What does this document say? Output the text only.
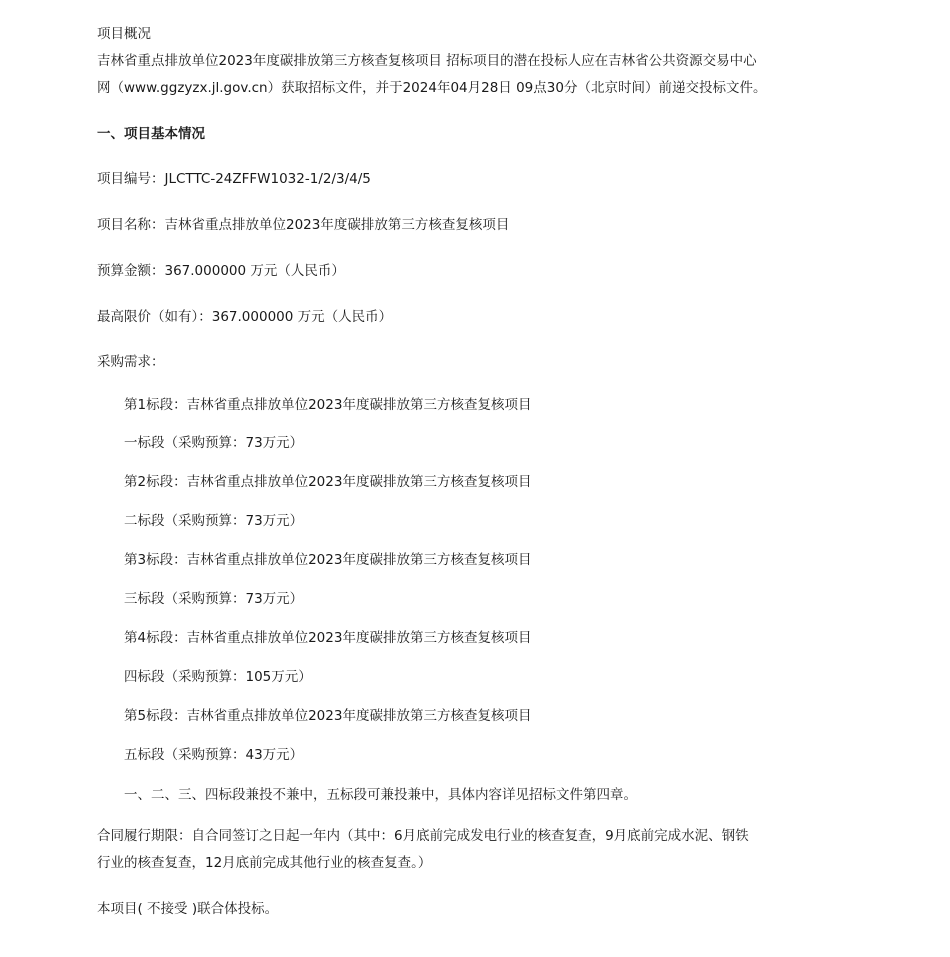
项目概况
吉林省重点排放单位2023年度碳排放第三方核查复核项目 招标项目的潜在投标人应在吉林省公共资源交易中心
网（www.ggzyzx.jl.gov.cn）获取招标文件，并于2024年04月28日 09点30分（北京时间）前递交投标文件。
一、项目基本情况
项目编号：JLCTTC-24ZFFW1032-1/2/3/4/5
项目名称：吉林省重点排放单位2023年度碳排放第三方核查复核项目
预算金额：367.000000 万元（人民币）
最高限价（如有）：367.000000 万元（人民币）
采购需求：
第1标段：吉林省重点排放单位2023年度碳排放第三方核查复核项目
一标段（采购预算：73万元）
第2标段：吉林省重点排放单位2023年度碳排放第三方核查复核项目
二标段（采购预算：73万元）
第3标段：吉林省重点排放单位2023年度碳排放第三方核查复核项目
三标段（采购预算：73万元）
第4标段：吉林省重点排放单位2023年度碳排放第三方核查复核项目
四标段（采购预算：105万元）
第5标段：吉林省重点排放单位2023年度碳排放第三方核查复核项目
五标段（采购预算：43万元）
一、二、三、四标段兼投不兼中，五标段可兼投兼中，具体内容详见招标文件第四章。
合同履行期限：自合同签订之日起一年内（其中：6月底前完成发电行业的核查复查，9月底前完成水泥、钢铁
行业的核查复查，12月底前完成其他行业的核查复查。）
本项目( 不接受 )联合体投标。
